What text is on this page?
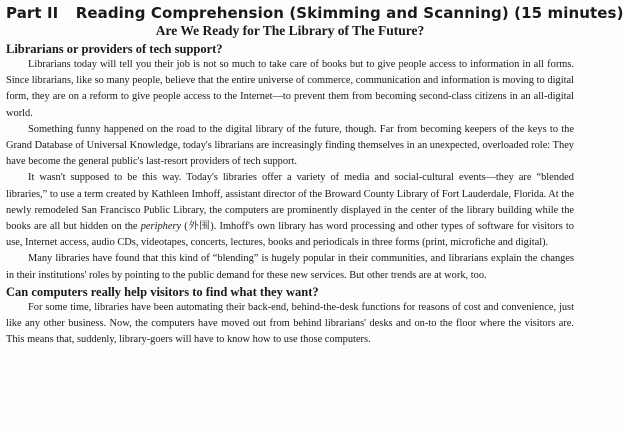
Part II Reading Comprehension (Skimming and Scanning) (15 minutes)
Are We Ready for The Library of The Future?
Librarians or providers of tech support?

Librarians today will tell you their job is not so much to take care of books but to give people access to information in all forms. Since librarians, like so many people, believe that the entire universe of commerce, communication and information is moving to digital form, they are on a reform to give people access to the Internet—to prevent them from becoming second-class citizens in an all-digital world.

Something funny happened on the road to the digital library of the future, though. Far from becoming keepers of the keys to the Grand Database of Universal Knowledge, today's librarians are increasingly finding themselves in an unexpected, overloaded role: They have become the general public's last-resort providers of tech support.

It wasn't supposed to be this way. Today's libraries offer a variety of media and social-cultural events—they are “blended libraries,” to use a term created by Kathleen Imhoff, assistant director of the Broward County Library of Fort Lauderdale, Florida. At the newly remodeled San Francisco Public Library, the computers are prominently displayed in the center of the library building while the books are all but hidden on the periphery (外围). Imhoff's own library has word processing and other types of software for visitors to use, Internet access, audio CDs, videotapes, concerts, lectures, books and periodicals in three forms (print, microfiche and digital).

Many libraries have found that this kind of “blending” is hugely popular in their communities, and librarians explain the changes in their institutions' roles by pointing to the public demand for these new services. But other trends are at work, too.

Can computers really help visitors to find what they want?

For some time, libraries have been automating their back-end, behind-the-desk functions for reasons of cost and convenience, just like any other business. Now, the computers have moved out from behind librarians' desks and on-to the floor where the visitors are. This means that, suddenly, library-goers will have to know how to use those computers.
